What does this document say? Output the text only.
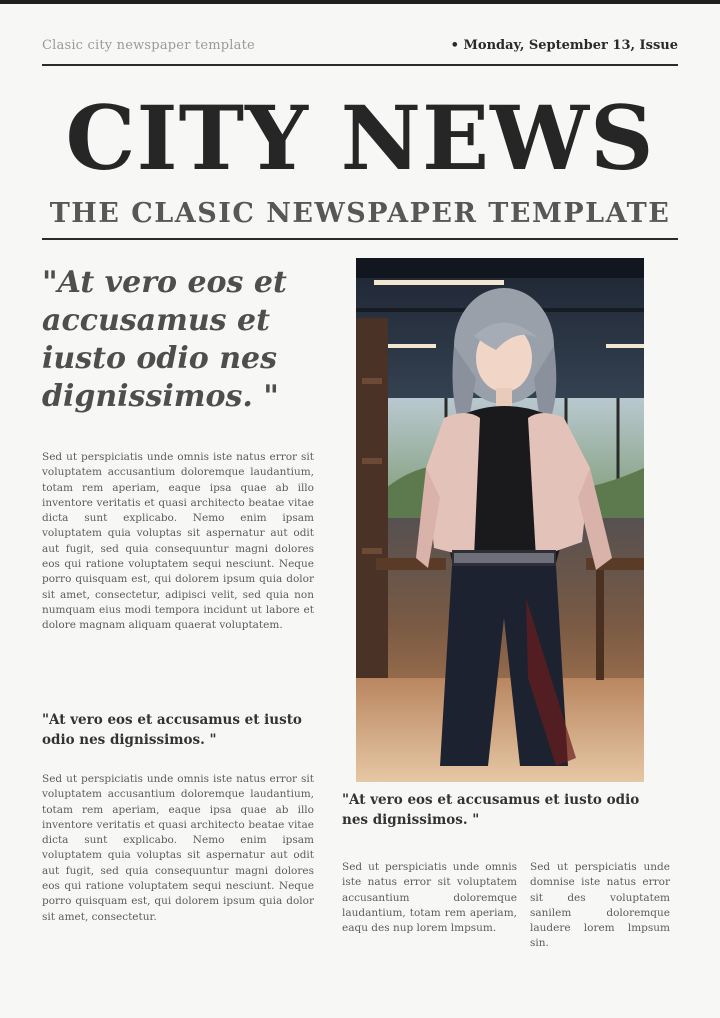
Clasic city newspaper template	• Monday, September 13, Issue
CITY NEWS
THE CLASIC NEWSPAPER TEMPLATE
"At vero eos et accusamus et iusto odio nes dignissimos. "
Sed ut perspiciatis unde omnis iste natus error sit voluptatem accusantium doloremque laudantium, totam rem aperiam, eaque ipsa quae ab illo inventore veritatis et quasi architecto beatae vitae dicta sunt explicabo. Nemo enim ipsam voluptatem quia voluptas sit aspernatur aut odit aut fugit, sed quia consequuntur magni dolores eos qui ratione voluptatem sequi nesciunt. Neque porro quisquam est, qui dolorem ipsum quia dolor sit amet, consectetur, adipisci velit, sed quia non numquam eius modi tempora incidunt ut labore et dolore magnam aliquam quaerat voluptatem.
"At vero eos et accusamus et iusto odio nes dignissimos. "
Sed ut perspiciatis unde omnis iste natus error sit voluptatem accusantium doloremque laudantium, totam rem aperiam, eaque ipsa quae ab illo inventore veritatis et quasi architecto beatae vitae dicta sunt explicabo. Nemo enim ipsam voluptatem quia voluptas sit aspernatur aut odit aut fugit, sed quia consequuntur magni dolores eos qui ratione voluptatem sequi nesciunt. Neque porro quisquam est, qui dolorem ipsum quia dolor sit amet, consectetur.
"At vero eos et accusamus et iusto odio nes dignissimos. "
Sed ut perspiciatis unde omnis iste natus error sit voluptatem accusantium doloremque laudantium, totam rem aperiam, eaqu des nup lorem lmpsum.
Sed ut perspiciatis unde domnise iste natus error sit des voluptatem sanilem doloremque laudere lorem lmpsum sin.
